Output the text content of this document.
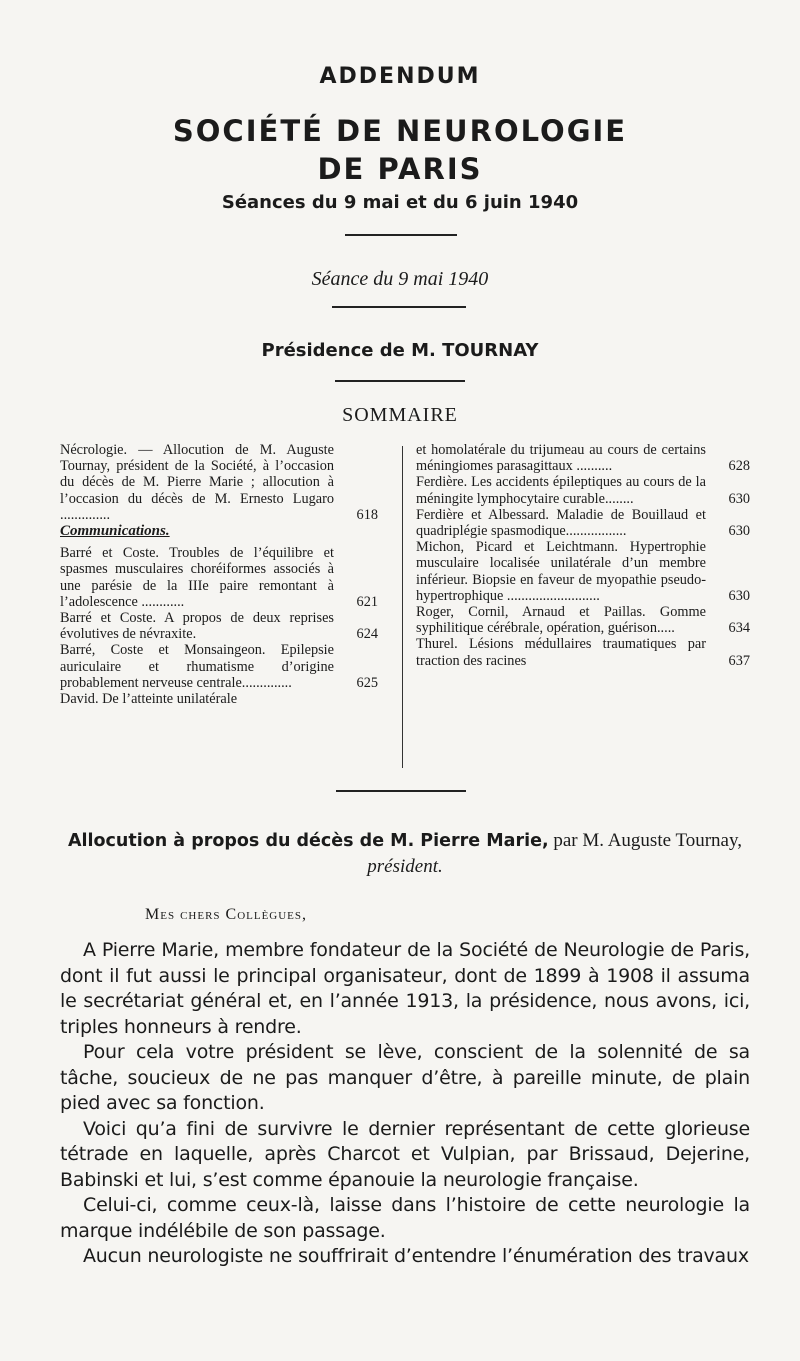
ADDENDUM
SOCIÉTÉ DE NEUROLOGIE
DE PARIS
Séances du 9 mai et du 6 juin 1940
Séance du 9 mai 1940
Présidence de M. TOURNAY
SOMMAIRE
Nécrologie. — Allocution de M. Auguste Tournay, président de la Société, à l’occasion du décès de M. Pierre Marie ; allocution à l’occasion du décès de M. Ernesto Lugaro ..............	618
Communications.
Barré et Coste. Troubles de l’équilibre et spasmes musculaires choréiformes associés à une parésie de la IIIe paire remontant à l’adolescence ............	621
Barré et Coste. A propos de deux reprises évolutives de névraxite.	624
Barré, Coste et Monsaingeon. Epilepsie auriculaire et rhumatisme d’origine probablement nerveuse centrale..............	625
David. De l’atteinte unilatérale
et homolatérale du trijumeau au cours de certains méningiomes parasagittaux ..........	628
Ferdière. Les accidents épileptiques au cours de la méningite lymphocytaire curable........	630
Ferdière et Albessard. Maladie de Bouillaud et quadriplégie spasmodique.................	630
Michon, Picard et Leichtmann. Hypertrophie musculaire localisée unilatérale d’un membre inférieur. Biopsie en faveur de myopathie pseudo-hypertrophique ..........................	630
Roger, Cornil, Arnaud et Paillas. Gomme syphilitique cérébrale, opération, guérison.....	634
Thurel. Lésions médullaires traumatiques par traction des racines	637
Allocution à propos du décès de M. Pierre Marie, par M. Auguste Tournay, président.
Mes chers Collègues,

A Pierre Marie, membre fondateur de la Société de Neurologie de Paris, dont il fut aussi le principal organisateur, dont de 1899 à 1908 il assuma le secrétariat général et, en l’année 1913, la présidence, nous avons, ici, triples honneurs à rendre.

Pour cela votre président se lève, conscient de la solennité de sa tâche, soucieux de ne pas manquer d’être, à pareille minute, de plain pied avec sa fonction.

Voici qu’a fini de survivre le dernier représentant de cette glorieuse tétrade en laquelle, après Charcot et Vulpian, par Brissaud, Dejerine, Babinski et lui, s’est comme épanouie la neurologie française.

Celui-ci, comme ceux-là, laisse dans l’histoire de cette neurologie la marque indélébile de son passage.

Aucun neurologiste ne souffrirait d’entendre l’énumération des travaux
